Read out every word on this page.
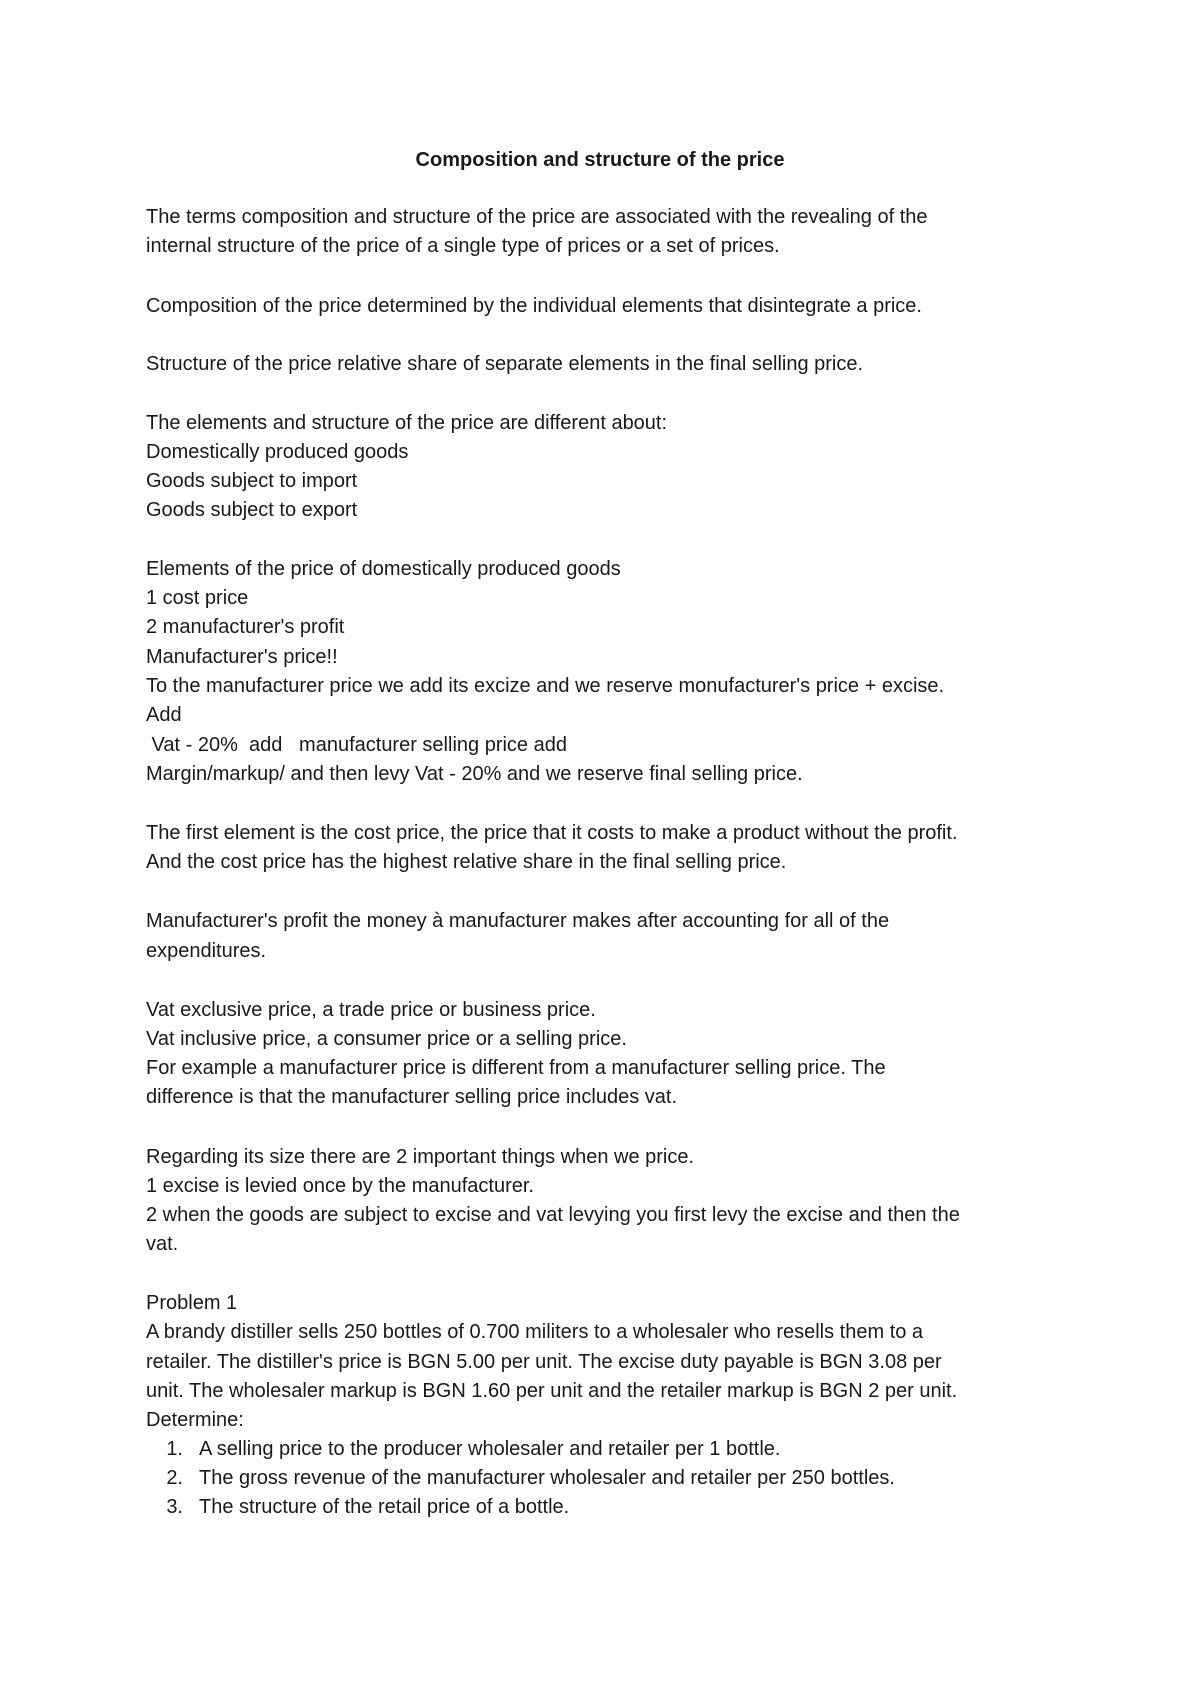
Composition and structure of the price
The terms composition and structure of the price are associated with the revealing of the
internal structure of the price of a single type of prices or a set of prices.
Composition of the price determined by the individual elements that disintegrate a price.
Structure of the price relative share of separate elements in the final selling price.
The elements and structure of the price are different about:
Domestically produced goods
Goods subject to import
Goods subject to export
Elements of the price of domestically produced goods
1 cost price
2 manufacturer's profit
Manufacturer's price!!
To the manufacturer price we add its excize and we reserve monufacturer's price + excise.
Add
Vat - 20%  add   manufacturer selling price add
Margin/markup/ and then levy Vat - 20% and we reserve final selling price.
The first element is the cost price, the price that it costs to make a product without the profit.
And the cost price has the highest relative share in the final selling price.
Manufacturer's profit the money à manufacturer makes after accounting for all of the
expenditures.
Vat exclusive price, a trade price or business price.
Vat inclusive price, a consumer price or a selling price.
For example a manufacturer price is different from a manufacturer selling price. The
difference is that the manufacturer selling price includes vat.
Regarding its size there are 2 important things when we price.
1 excise is levied once by the manufacturer.
2 when the goods are subject to excise and vat levying you first levy the excise and then the
vat.
Problem 1
A brandy distiller sells 250 bottles of 0.700 militers to a wholesaler who resells them to a
retailer. The distiller's price is BGN 5.00 per unit. The excise duty payable is BGN 3.08 per
unit. The wholesaler markup is BGN 1.60 per unit and the retailer markup is BGN 2 per unit.
Determine:
1. A selling price to the producer wholesaler and retailer per 1 bottle.
2. The gross revenue of the manufacturer wholesaler and retailer per 250 bottles.
3. The structure of the retail price of a bottle.
